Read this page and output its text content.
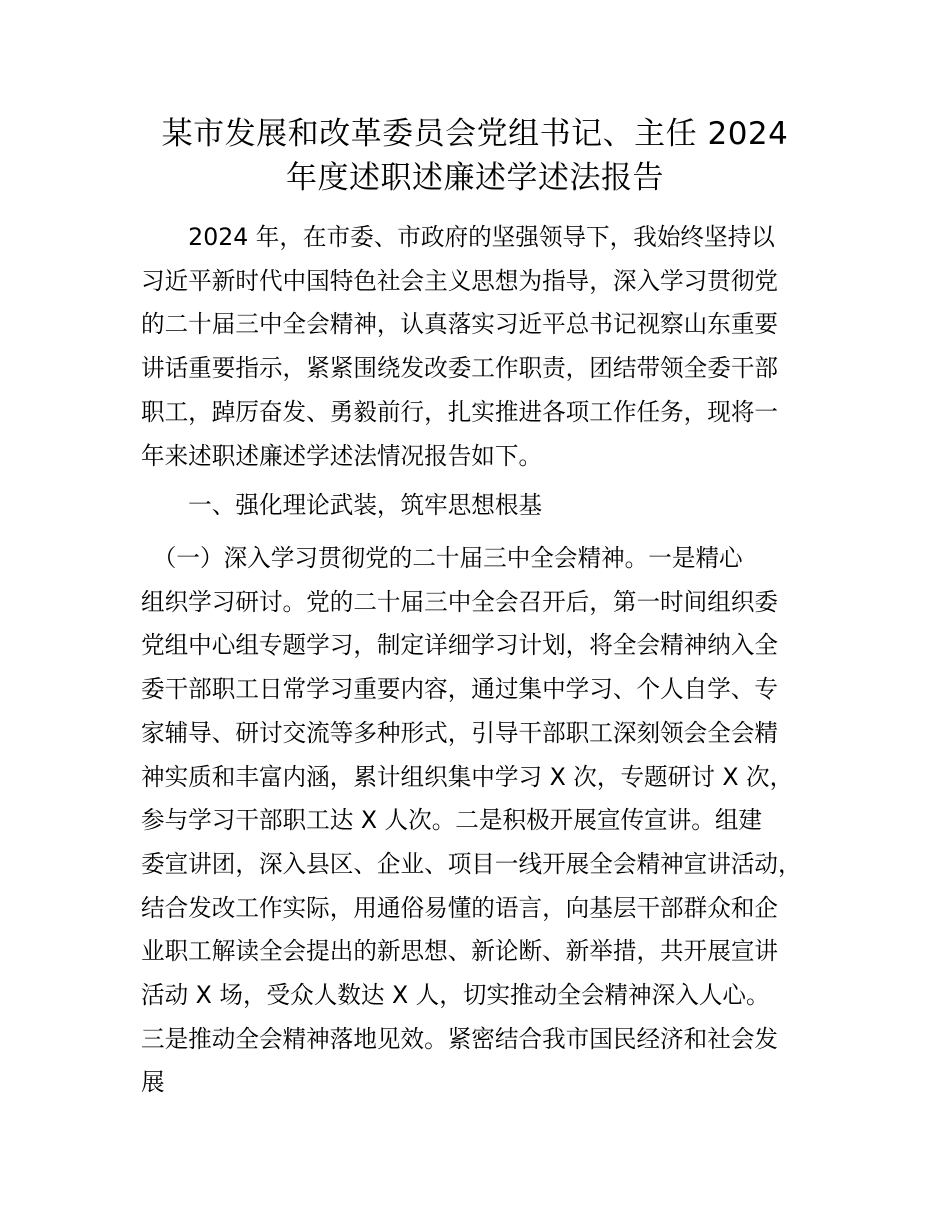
某市发展和改革委员会党组书记、主任 2024
年度述职述廉述学述法报告
　　2024 年，在市委、市政府的坚强领导下，我始终坚持以
习近平新时代中国特色社会主义思想为指导，深入学习贯彻党
的二十届三中全会精神，认真落实习近平总书记视察山东重要
讲话重要指示，紧紧围绕发改委工作职责，团结带领全委干部
职工，踔厉奋发、勇毅前行，扎实推进各项工作任务，现将一
年来述职述廉述学述法情况报告如下。
　　一、强化理论武装，筑牢思想根基
　（一）深入学习贯彻党的二十届三中全会精神。一是精心
组织学习研讨。党的二十届三中全会召开后，第一时间组织委
党组中心组专题学习，制定详细学习计划，将全会精神纳入全
委干部职工日常学习重要内容，通过集中学习、个人自学、专
家辅导、研讨交流等多种形式，引导干部职工深刻领会全会精
神实质和丰富内涵，累计组织集中学习 X 次，专题研讨 X 次，
参与学习干部职工达 X 人次。二是积极开展宣传宣讲。组建
委宣讲团，深入县区、企业、项目一线开展全会精神宣讲活动，
结合发改工作实际，用通俗易懂的语言，向基层干部群众和企
业职工解读全会提出的新思想、新论断、新举措，共开展宣讲
活动 X 场，受众人数达 X 人，切实推动全会精神深入人心。
三是推动全会精神落地见效。紧密结合我市国民经济和社会发
展
